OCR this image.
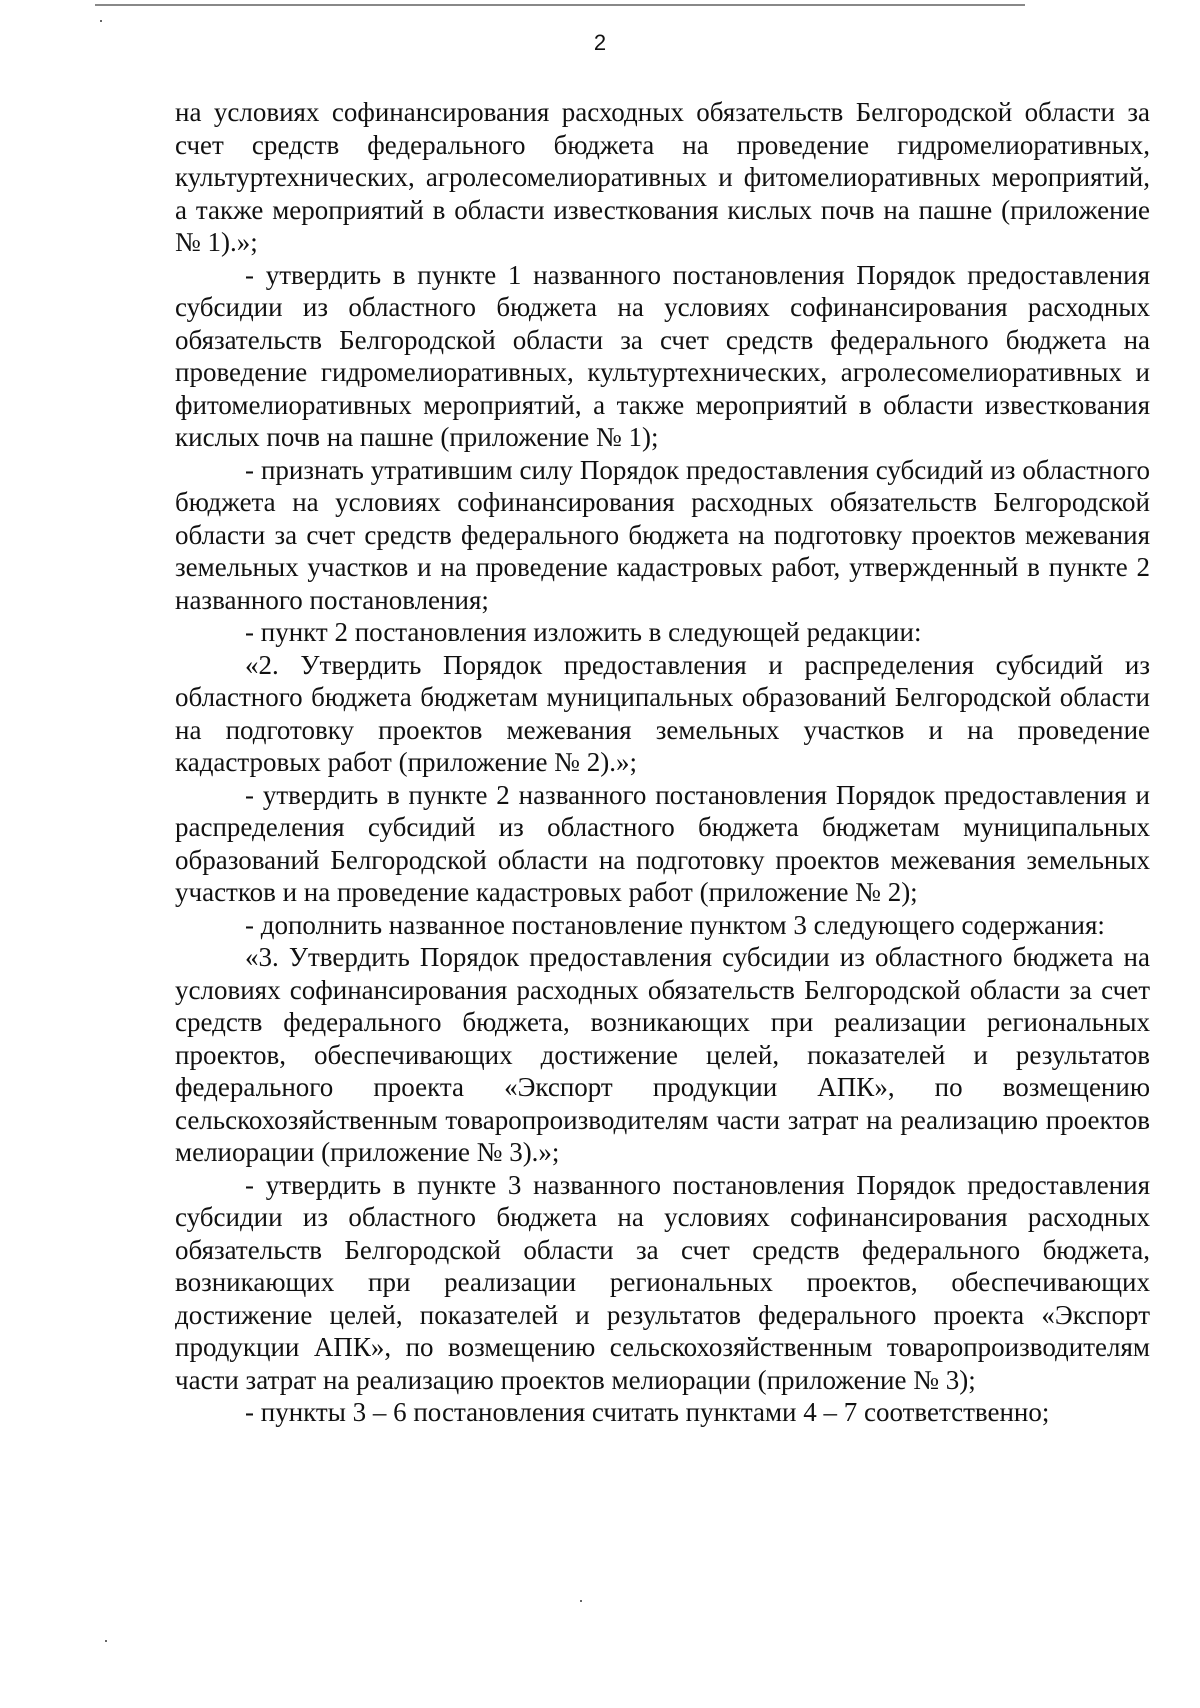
2

на условиях софинансирования расходных обязательств Белгородской области за счет средств федерального бюджета на проведение гидромелиоративных, культуртехнических, агролесомелиоративных и фитомелиоративных мероприятий, а также мероприятий в области известкования кислых почв на пашне (приложение № 1).»;

- утвердить в пункте 1 названного постановления Порядок предоставления субсидии из областного бюджета на условиях софинансирования расходных обязательств Белгородской области за счет средств федерального бюджета на проведение гидромелиоративных, культуртехнических, агролесомелиоративных и фитомелиоративных мероприятий, а также мероприятий в области известкования кислых почв на пашне (приложение № 1);

- признать утратившим силу Порядок предоставления субсидий из областного бюджета на условиях софинансирования расходных обязательств Белгородской области за счет средств федерального бюджета на подготовку проектов межевания земельных участков и на проведение кадастровых работ, утвержденный в пункте 2 названного постановления;

- пункт 2 постановления изложить в следующей редакции:

«2. Утвердить Порядок предоставления и распределения субсидий из областного бюджета бюджетам муниципальных образований Белгородской области на подготовку проектов межевания земельных участков и на проведение кадастровых работ (приложение № 2).»;

- утвердить в пункте 2 названного постановления Порядок предоставления и распределения субсидий из областного бюджета бюджетам муниципальных образований Белгородской области на подготовку проектов межевания земельных участков и на проведение кадастровых работ (приложение № 2);

- дополнить названное постановление пунктом 3 следующего содержания:

«3. Утвердить Порядок предоставления субсидии из областного бюджета на условиях софинансирования расходных обязательств Белгородской области за счет средств федерального бюджета, возникающих при реализации региональных проектов, обеспечивающих достижение целей, показателей и результатов федерального проекта «Экспорт продукции АПК», по возмещению сельскохозяйственным товаропроизводителям части затрат на реализацию проектов мелиорации (приложение № 3).»;

- утвердить в пункте 3 названного постановления Порядок предоставления субсидии из областного бюджета на условиях софинансирования расходных обязательств Белгородской области за счет средств федерального бюджета, возникающих при реализации региональных проектов, обеспечивающих достижение целей, показателей и результатов федерального проекта «Экспорт продукции АПК», по возмещению сельскохозяйственным товаропроизводителям части затрат на реализацию проектов мелиорации (приложение № 3);

- пункты 3 – 6 постановления считать пунктами 4 – 7 соответственно;
